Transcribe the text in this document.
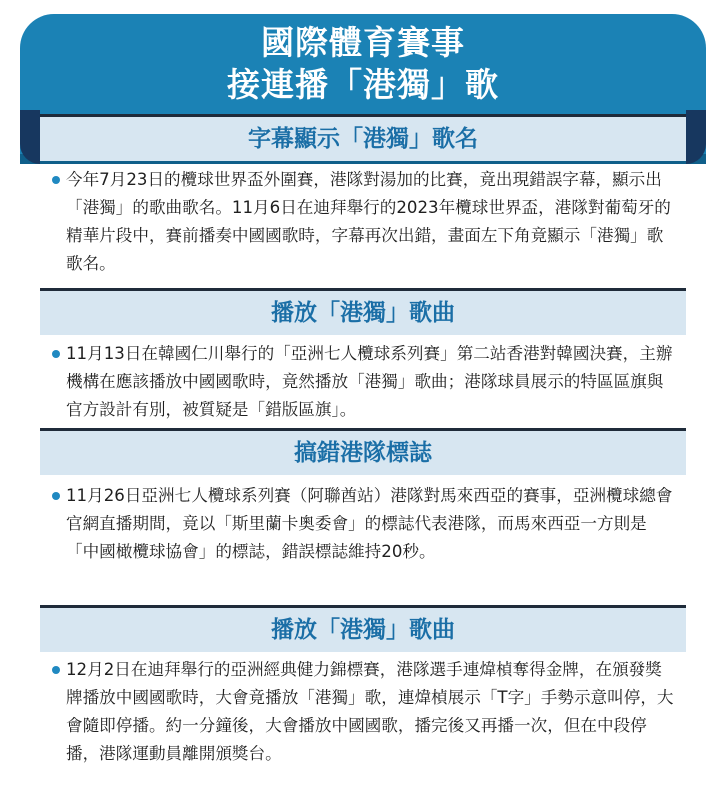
國際體育賽事
接連播「港獨」歌
字幕顯示「港獨」歌名
今年7月23日的欖球世界盃外圍賽，港隊對湯加的比賽，竟出現錯誤字幕，顯示出「港獨」的歌曲歌名。11月6日在迪拜舉行的2023年欖球世界盃，港隊對葡萄牙的精華片段中，賽前播奏中國國歌時，字幕再次出錯，畫面左下角竟顯示「港獨」歌歌名。
播放「港獨」歌曲
11月13日在韓國仁川舉行的「亞洲七人欖球系列賽」第二站香港對韓國決賽，主辦機構在應該播放中國國歌時，竟然播放「港獨」歌曲；港隊球員展示的特區區旗與官方設計有別，被質疑是「錯版區旗」。
搞錯港隊標誌
11月26日亞洲七人欖球系列賽（阿聯酋站）港隊對馬來西亞的賽事，亞洲欖球總會官網直播期間，竟以「斯里蘭卡奧委會」的標誌代表港隊，而馬來西亞一方則是「中國橄欖球協會」的標誌，錯誤標誌維持20秒。
播放「港獨」歌曲
12月2日在迪拜舉行的亞洲經典健力錦標賽，港隊選手連煒楨奪得金牌，在頒發獎牌播放中國國歌時，大會竟播放「港獨」歌，連煒楨展示「T字」手勢示意叫停，大會隨即停播。約一分鐘後，大會播放中國國歌，播完後又再播一次，但在中段停播，港隊運動員離開頒獎台。
